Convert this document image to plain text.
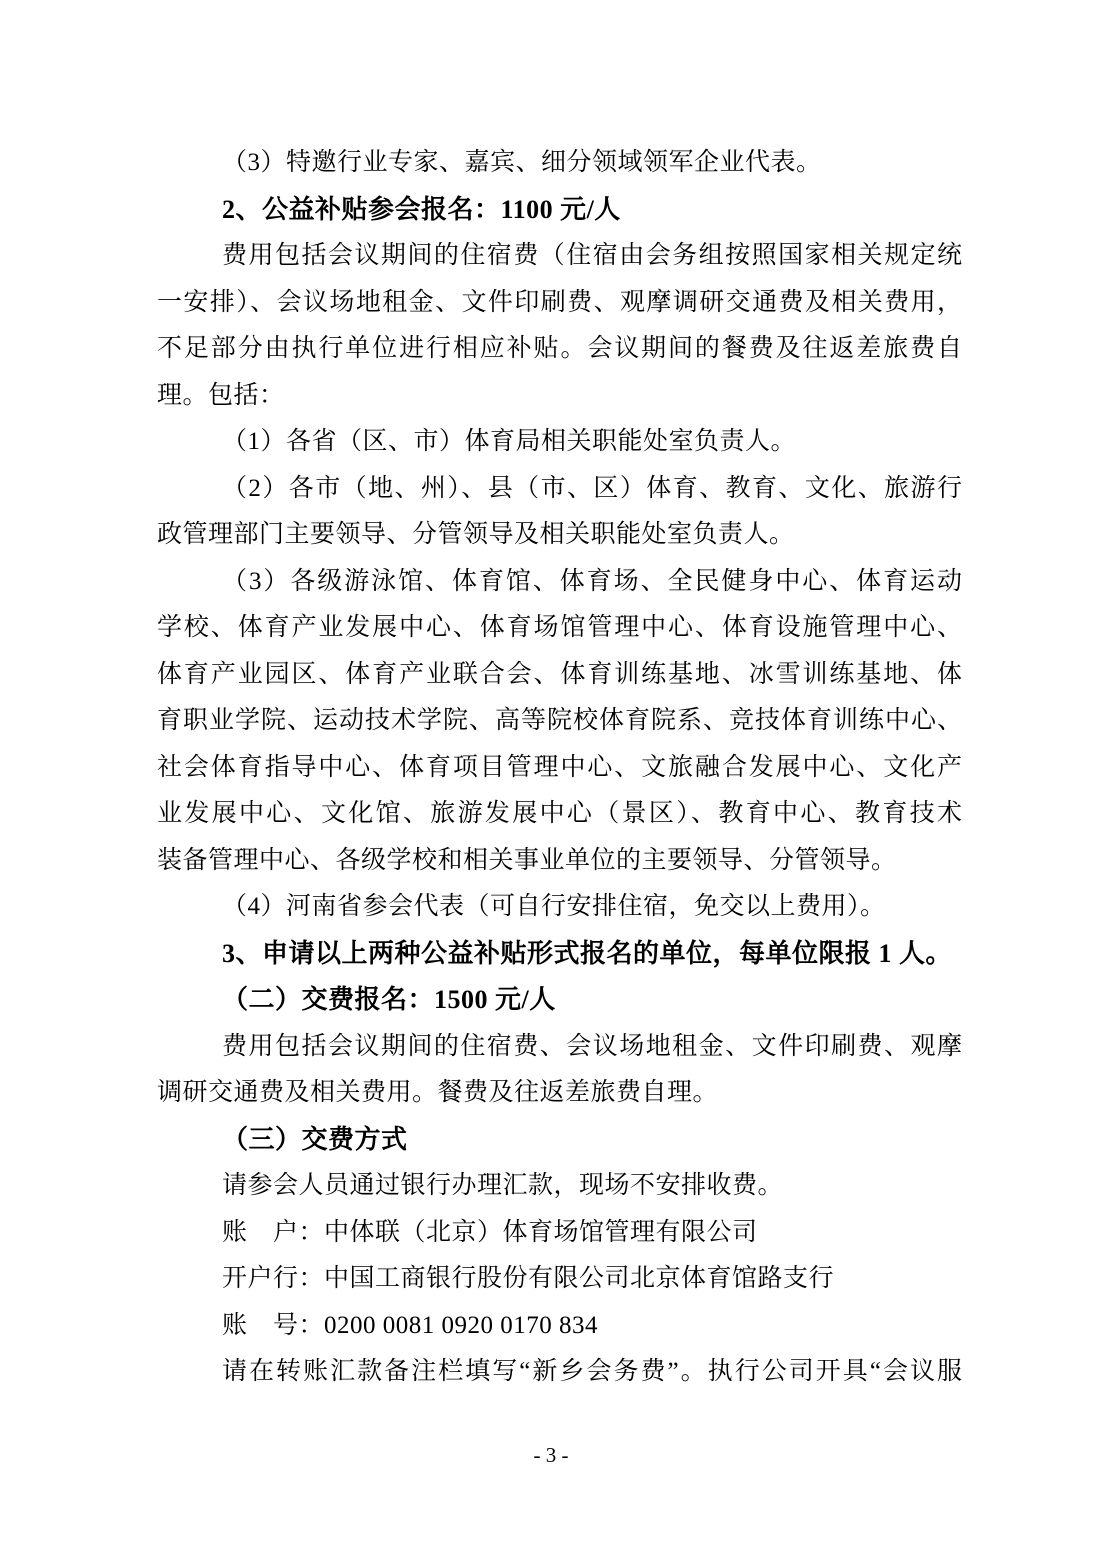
（3）特邀行业专家、嘉宾、细分领域领军企业代表。
2、公益补贴参会报名：1100 元/人
费用包括会议期间的住宿费（住宿由会务组按照国家相关规定统
一安排）、会议场地租金、文件印刷费、观摩调研交通费及相关费用，
不足部分由执行单位进行相应补贴。会议期间的餐费及往返差旅费自
理。包括：
（1）各省（区、市）体育局相关职能处室负责人。
（2）各市（地、州）、县（市、区）体育、教育、文化、旅游行
政管理部门主要领导、分管领导及相关职能处室负责人。
（3）各级游泳馆、体育馆、体育场、全民健身中心、体育运动
学校、体育产业发展中心、体育场馆管理中心、体育设施管理中心、
体育产业园区、体育产业联合会、体育训练基地、冰雪训练基地、体
育职业学院、运动技术学院、高等院校体育院系、竞技体育训练中心、
社会体育指导中心、体育项目管理中心、文旅融合发展中心、文化产
业发展中心、文化馆、旅游发展中心（景区）、教育中心、教育技术
装备管理中心、各级学校和相关事业单位的主要领导、分管领导。
（4）河南省参会代表（可自行安排住宿，免交以上费用）。
3、申请以上两种公益补贴形式报名的单位，每单位限报 1 人。
（二）交费报名：1500 元/人
费用包括会议期间的住宿费、会议场地租金、文件印刷费、观摩
调研交通费及相关费用。餐费及往返差旅费自理。
（三）交费方式
请参会人员通过银行办理汇款，现场不安排收费。
账　户：中体联（北京）体育场馆管理有限公司
开户行：中国工商银行股份有限公司北京体育馆路支行
账　号：0200 0081 0920 0170 834
请在转账汇款备注栏填写“新乡会务费”。执行公司开具“会议服
- 3 -
